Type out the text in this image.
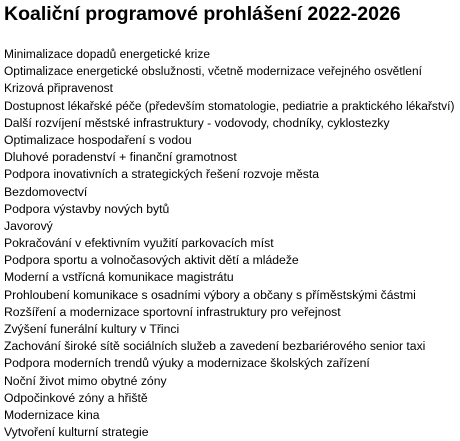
Koaliční programové prohlášení 2022-2026
Minimalizace dopadů energetické krize
Optimalizace energetické obslužnosti, včetně modernizace veřejného osvětlení
Krizová připravenost
Dostupnost lékařské péče (především stomatologie, pediatrie a praktického lékařství)
Další rozvíjení městské infrastruktury - vodovody, chodníky, cyklostezky
Optimalizace hospodaření s vodou
Dluhové poradenství + finanční gramotnost
Podpora inovativních a strategických řešení rozvoje města
Bezdomovectví
Podpora výstavby nových bytů
Javorový
Pokračování v efektivním využití parkovacích míst
Podpora sportu a volnočasových aktivit dětí a mládeže
Moderní a vstřícná komunikace magistrátu
Prohloubení komunikace s osadními výbory a občany s příměstskými částmi
Rozšíření a modernizace sportovní infrastruktury pro veřejnost
Zvýšení funerální kultury v Třinci
Zachování široké sítě sociálních služeb a zavedení bezbariérového senior taxi
Podpora moderních trendů výuky a modernizace školských zařízení
Noční život mimo obytné zóny
Odpočinkové zóny a hřiště
Modernizace kina
Vytvoření kulturní strategie
